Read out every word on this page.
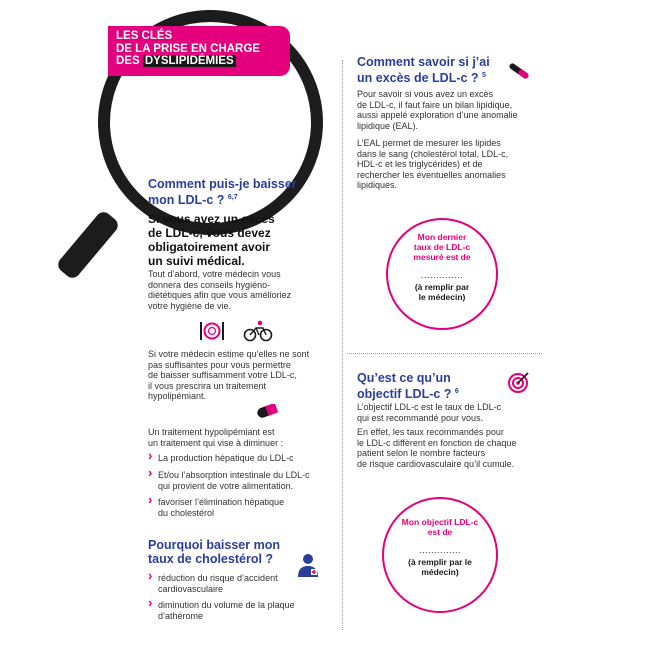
LES CLÉS
DE LA PRISE EN CHARGE
DES DYSLIPIDÉMIES
Comment puis-je baisser
mon LDL-c ? $^{6,7}$
Si vous avez un excès
de LDL-c, vous devez
obligatoirement avoir
un suivi médical.
Tout d’abord, votre médecin vous
donnera des conseils hygiéno-
diététiques afin que vous amélioriez
votre hygiène de vie.
Si votre médecin estime qu’elles ne sont
pas suffisantes pour vous permettre
de baisser suffisamment votre LDL-c,
il vous prescrira un traitement
hypolipémiant.
Un traitement hypolipémiant est
un traitement qui vise à diminuer :
› La production hépatique du LDL-c
› Et/ou l’absorption intestinale du LDL-c
qui provient de votre alimentation.
› favoriser l’élimination hépatique
du cholestérol
Pourquoi baisser mon
taux de cholestérol ?
› réduction du risque d’accident
cardiovasculaire
› diminution du volume de la plaque
d’athérome
Comment savoir si j’ai
un excès de LDL-c ? $^5$
Pour savoir si vous avez un excès
de LDL-c, il faut faire un bilan lipidique,
aussi appelé exploration d’une anomalie
lipidique (EAL).
L’EAL permet de mesurer les lipides
dans le sang (cholestérol total, LDL-c,
HDL-c et les triglycérides) et de
rechercher les éventuelles anomalies
lipidiques.
Mon dernier
taux de LDL-c
mesuré est de
..............
(à remplir par
le médecin)
Qu’est ce qu’un
objectif LDL-c ? $^6$
L’objectif LDL-c est le taux de LDL-c
qui est recommandé pour vous.
En effet, les taux recommandés pour
le LDL-c diffèrent en fonction de chaque
patient selon le nombre facteurs
de risque cardiovasculaire qu’il cumule.
Mon objectif LDL-c
est de
..............
(à remplir par le
médecin)
